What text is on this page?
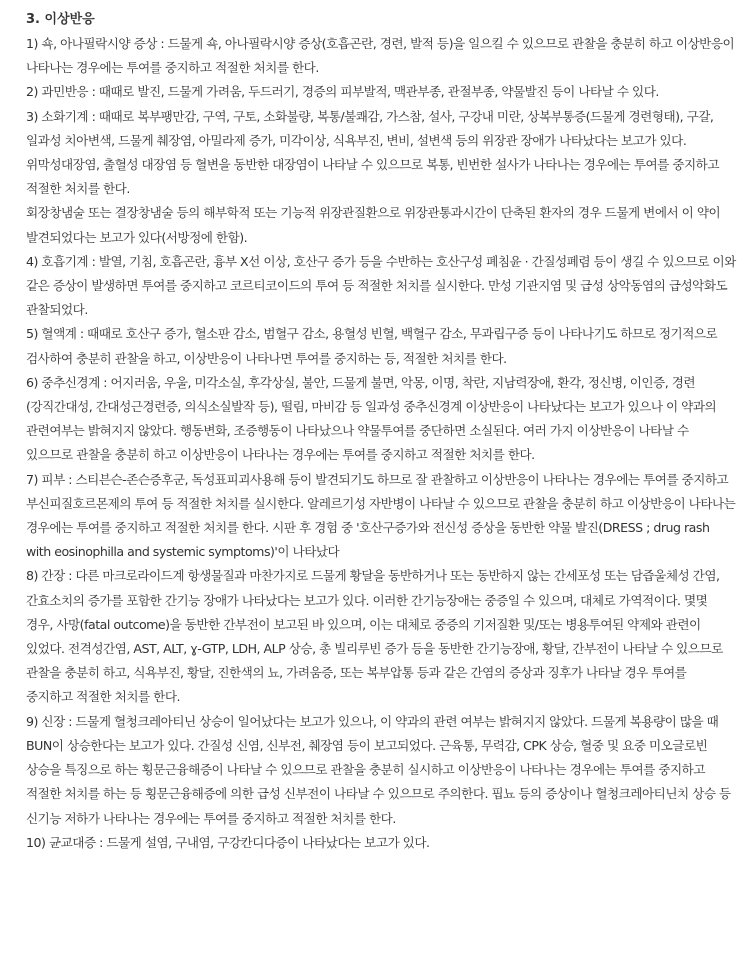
3. 이상반응

1) 쇽, 아나필락시양 증상 : 드물게 쇽, 아나필락시양 증상(호흡곤란, 경련, 발적 등)을 일으킬 수 있으므로 관찰을 충분히 하고 이상반응이 나타나는 경우에는 투여를 중지하고 적절한 처치를 한다.

2) 과민반응 : 때때로 발진, 드물게 가려움, 두드러기, 경증의 피부발적, 맥관부종, 관절부종, 약물발진 등이 나타날 수 있다.

3) 소화기계 : 때때로 복부팽만감, 구역, 구토, 소화불량, 복통/불쾌감, 가스참, 설사, 구강내 미란, 상복부통증(드물게 경련형태), 구갈, 일과성 치아변색, 드물게 췌장염, 아밀라제 증가, 미각이상, 식욕부진, 변비, 설변색 등의 위장관 장애가 나타났다는 보고가 있다. 위막성대장염, 출혈성 대장염 등 혈변을 동반한 대장염이 나타날 수 있으므로 복통, 빈번한 설사가 나타나는 경우에는 투여를 중지하고 적절한 처치를 한다.

회장창냄술 또는 결장창냄술 등의 해부학적 또는 기능적 위장관질환으로 위장관통과시간이 단축된 환자의 경우 드물게 변에서 이 약이 발견되었다는 보고가 있다(서방정에 한함).

4) 호흡기계 : 발열, 기침, 호흡곤란, 흉부 X선 이상, 호산구 증가 등을 수반하는 호산구성 폐침윤 · 간질성폐렴 등이 생길 수 있으므로 이와 같은 증상이 발생하면 투여를 중지하고 코르티코이드의 투여 등 적절한 처치를 실시한다. 만성 기관지염 및 급성 상악동염의 급성악화도 관찰되었다.

5) 혈액계 : 때때로 호산구 증가, 혈소판 감소, 범혈구 감소, 용혈성 빈혈, 백혈구 감소, 무과립구증 등이 나타나기도 하므로 정기적으로 검사하여 충분히 관찰을 하고, 이상반응이 나타나면 투여를 중지하는 등, 적절한 처치를 한다.

6) 중추신경계 : 어지러움, 우울, 미각소실, 후각상실, 불안, 드물게 불면, 악몽, 이명, 착란, 지남력장애, 환각, 정신병, 이인증, 경련(강직간대성, 간대성근경련증, 의식소실발작 등), 떨림, 마비감 등 일과성 중추신경계 이상반응이 나타났다는 보고가 있으나 이 약과의 관련여부는 밝혀지지 않았다. 행동변화, 조증행동이 나타났으나 약물투여를 중단하면 소실된다. 여러 가지 이상반응이 나타날 수 있으므로 관찰을 충분히 하고 이상반응이 나타나는 경우에는 투여를 중지하고 적절한 처치를 한다.

7) 피부 : 스티븐슨-존슨증후군, 독성표피괴사용해 등이 발견되기도 하므로 잘 관찰하고 이상반응이 나타나는 경우에는 투여를 중지하고 부신피질호르몬제의 투여 등 적절한 처치를 실시한다. 알레르기성 자반병이 나타날 수 있으므로 관찰을 충분히 하고 이상반응이 나타나는 경우에는 투여를 중지하고 적절한 처치를 한다. 시판 후 경험 중 '호산구증가와 전신성 증상을 동반한 약물 발진(DRESS ; drug rash with eosinophilla and systemic symptoms)'이 나타났다

8) 간장 : 다른 마크로라이드계 항생물질과 마찬가지로 드물게 황달을 동반하거나 또는 동반하지 않는 간세포성 또는 담즙울체성 간염, 간효소치의 증가를 포함한 간기능 장애가 나타났다는 보고가 있다. 이러한 간기능장애는 중증일 수 있으며, 대체로 가역적이다. 몇몇 경우, 사망(fatal outcome)을 동반한 간부전이 보고된 바 있으며, 이는 대체로 중증의 기저질환 및/또는 병용투여된 약제와 관련이 있었다. 전격성간염, AST, ALT, ɣ-GTP, LDH, ALP 상승, 총 빌리루빈 증가 등을 동반한 간기능장애, 황달, 간부전이 나타날 수 있으므로 관찰을 충분히 하고, 식욕부진, 황달, 진한색의 뇨, 가려움증, 또는 복부압통 등과 같은 간염의 증상과 징후가 나타날 경우 투여를 중지하고 적절한 처치를 한다.

9) 신장 : 드물게 혈청크레아티닌 상승이 일어났다는 보고가 있으나, 이 약과의 관련 여부는 밝혀지지 않았다. 드물게 복용량이 많을 때 BUN이 상승한다는 보고가 있다. 간질성 신염, 신부전, 췌장염 등이 보고되었다. 근육통, 무력감, CPK 상승, 혈중 및 요중 미오글로빈 상승을 특징으로 하는 횡문근융해증이 나타날 수 있으므로 관찰을 충분히 실시하고 이상반응이 나타나는 경우에는 투여를 중지하고 적절한 처치를 하는 등 횡문근융해증에 의한 급성 신부전이 나타날 수 있으므로 주의한다. 핍뇨 등의 증상이나 혈청크레아티닌치 상승 등 신기능 저하가 나타나는 경우에는 투여를 중지하고 적절한 처치를 한다.

10) 균교대증 : 드물게 설염, 구내염, 구강칸디다증이 나타났다는 보고가 있다.
